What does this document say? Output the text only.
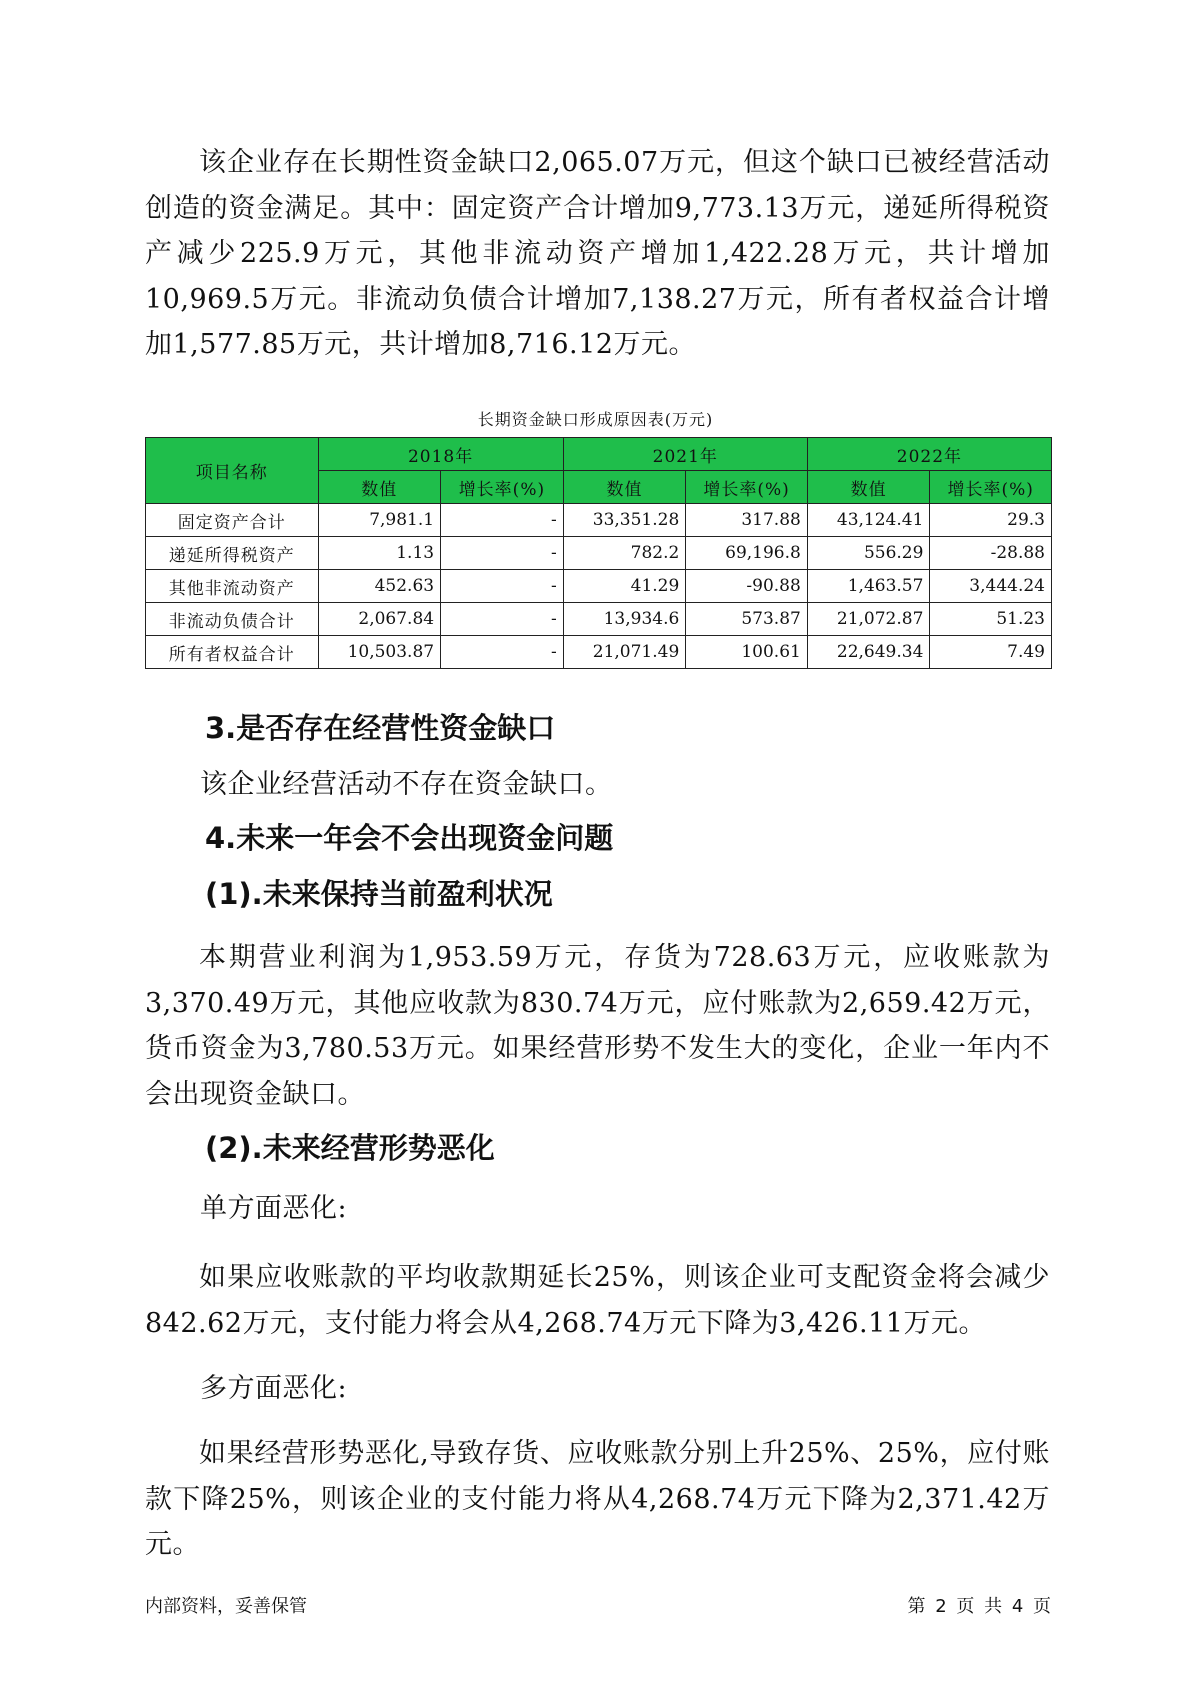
该企业存在长期性资金缺口2,065.07万元，但这个缺口已被经营活动创造的资金满足。其中：固定资产合计增加9,773.13万元，递延所得税资产减少225.9万元，其他非流动资产增加1,422.28万元，共计增加10,969.5万元。非流动负债合计增加7,138.27万元，所有者权益合计增加1,577.85万元，共计增加8,716.12万元。

长期资金缺口形成原因表(万元)
项目名称	2018年		2021年		2022年	
	数值	增长率(%)	数值	增长率(%)	数值	增长率(%)
固定资产合计	7,981.1	-	33,351.28	317.88	43,124.41	29.3
递延所得税资产	1.13	-	782.2	69,196.8	556.29	-28.88
其他非流动资产	452.63	-	41.29	-90.88	1,463.57	3,444.24
非流动负债合计	2,067.84	-	13,934.6	573.87	21,072.87	51.23
所有者权益合计	10,503.87	-	21,071.49	100.61	22,649.34	7.49
3.是否存在经营性资金缺口

该企业经营活动不存在资金缺口。

4.未来一年会不会出现资金问题
(1).未来保持当前盈利状况

本期营业利润为1,953.59万元，存货为728.63万元，应收账款为3,370.49万元，其他应收款为830.74万元，应付账款为2,659.42万元，货币资金为3,780.53万元。如果经营形势不发生大的变化，企业一年内不会出现资金缺口。

(2).未来经营形势恶化

单方面恶化:

如果应收账款的平均收款期延长25%，则该企业可支配资金将会减少842.62万元，支付能力将会从4,268.74万元下降为3,426.11万元。

多方面恶化:

如果经营形势恶化,导致存货、应收账款分别上升25%、25%，应付账款下降25%，则该企业的支付能力将从4,268.74万元下降为2,371.42万元。

内部资料，妥善保管	第 2 页 共 4 页
